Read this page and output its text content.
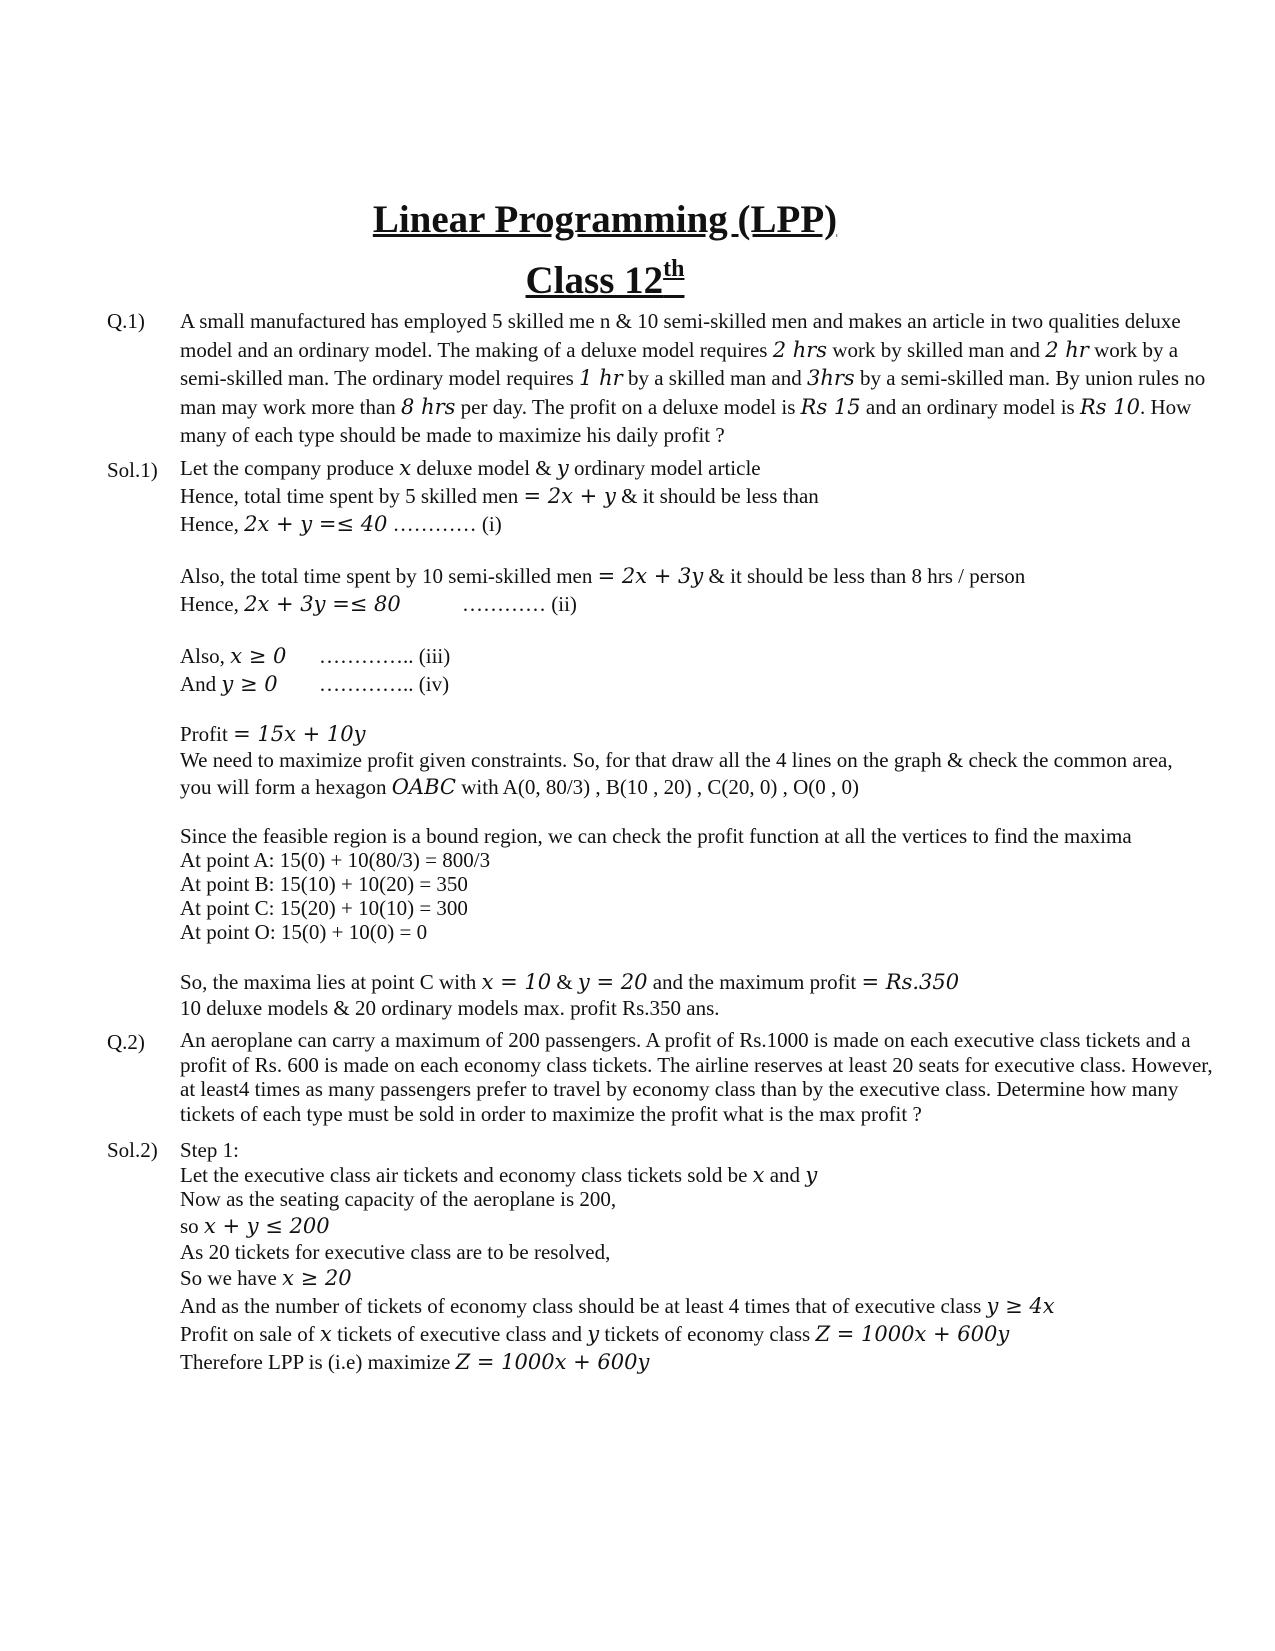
Linear Programming (LPP)
Class 12th
Q.1) A small manufactured has employed 5 skilled me n & 10 semi-skilled men and makes an article in two qualities deluxe model and an ordinary model. The making of a deluxe model requires 2 hrs work by skilled man and 2 hr work by a semi-skilled man. The ordinary model requires 1 hr by a skilled man and 3hrs by a semi-skilled man. By union rules no man may work more than 8 hrs per day. The profit on a deluxe model is Rs 15 and an ordinary model is Rs 10. How many of each type should be made to maximize his daily profit ?
Sol.1) Let the company produce x deluxe model & y ordinary model article
Hence, total time spent by 5 skilled men = 2x + y & it should be less than
Hence, 2x + y =≤ 40 ………… (i)
Also, the total time spent by 10 semi-skilled men = 2x + 3y & it should be less than 8 hrs / person
Hence, 2x + 3y =≤ 80	………… (ii)
Also, x ≥ 0 ………….. (iii)
And y ≥ 0 ………….. (iv)
Profit = 15x + 10y
We need to maximize profit given constraints. So, for that draw all the 4 lines on the graph & check the common area,
you will form a hexagon OABC with A(0, 80/3) , B(10 , 20) , C(20, 0) , O(0 , 0)
Since the feasible region is a bound region, we can check the profit function at all the vertices to find the maxima
At point A: 15(0) + 10(80/3) = 800/3
At point B: 15(10) + 10(20) = 350
At point C: 15(20) + 10(10) = 300
At point O: 15(0) + 10(0) = 0
So, the maxima lies at point C with x = 10 & y = 20 and the maximum profit = Rs.350
10 deluxe models & 20 ordinary models max. profit Rs.350 ans.
Q.2) An aeroplane can carry a maximum of 200 passengers. A profit of Rs.1000 is made on each executive class tickets and a profit of Rs. 600 is made on each economy class tickets. The airline reserves at least 20 seats for executive class. However, at least4 times as many passengers prefer to travel by economy class than by the executive class. Determine how many tickets of each type must be sold in order to maximize the profit what is the max profit ?
Sol.2) Step 1:
Let the executive class air tickets and economy class tickets sold be x and y
Now as the seating capacity of the aeroplane is 200,
so x + y ≤ 200
As 20 tickets for executive class are to be resolved,
So we have x ≥ 20
And as the number of tickets of economy class should be at least 4 times that of executive class y ≥ 4x
Profit on sale of x tickets of executive class and y tickets of economy class Z = 1000x + 600y
Therefore LPP is (i.e) maximize Z = 1000x + 600y
